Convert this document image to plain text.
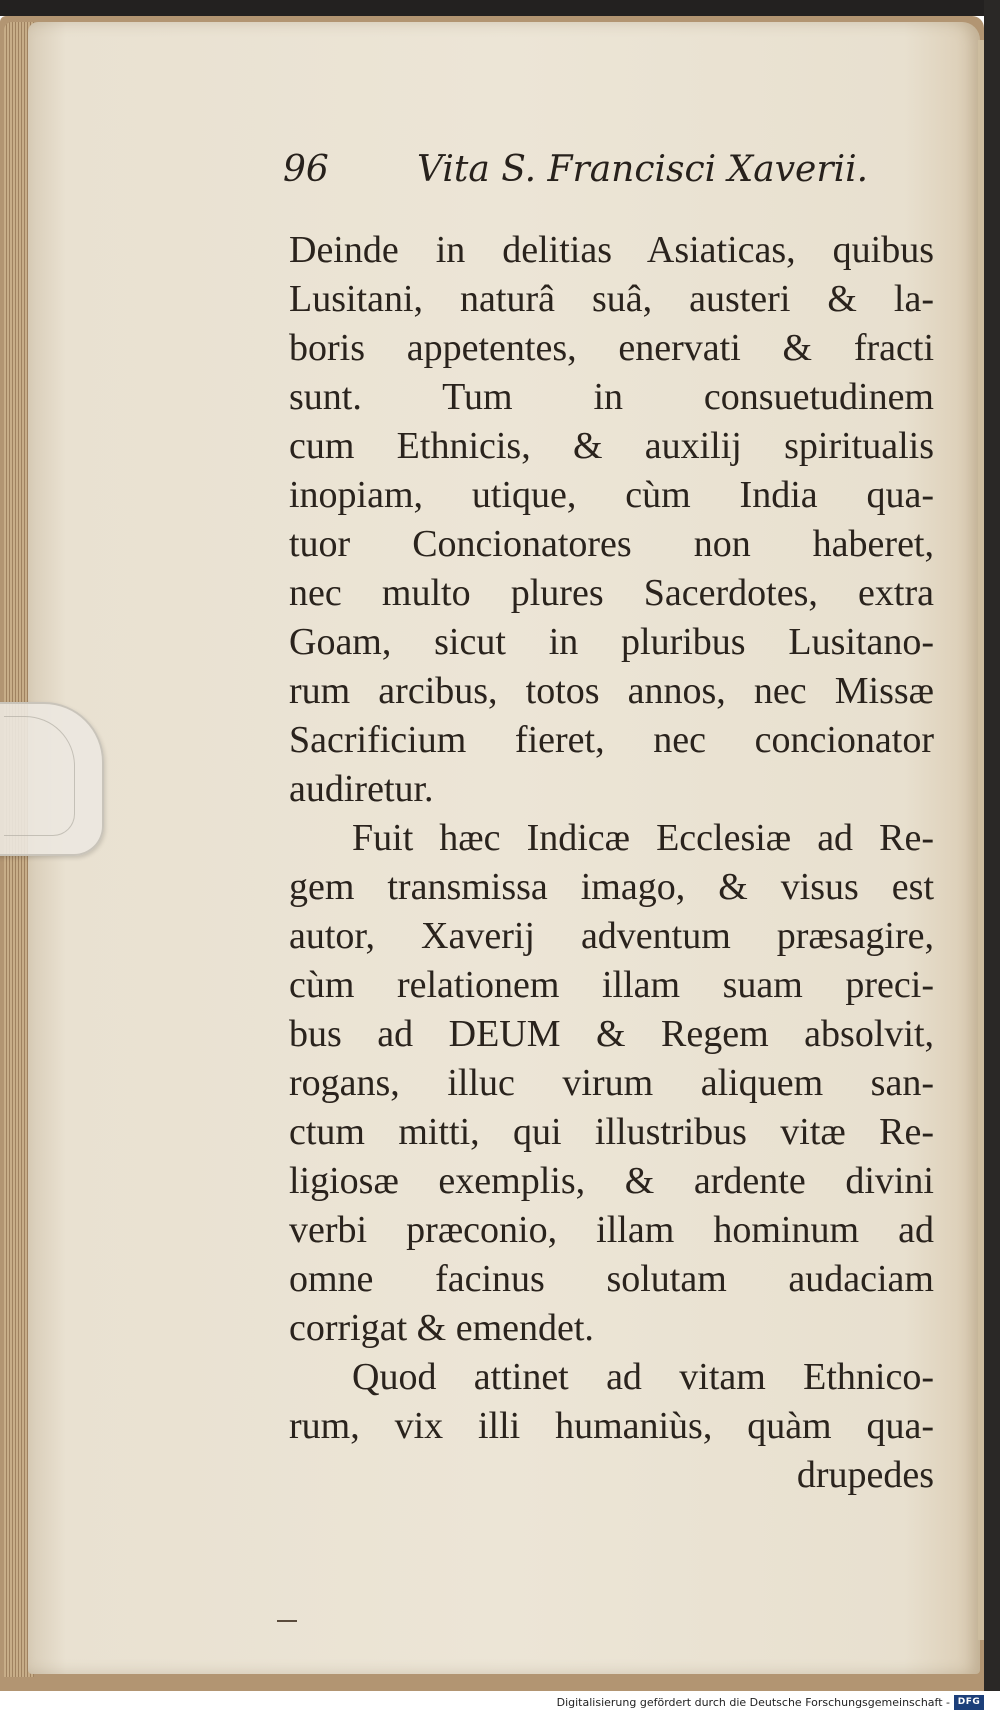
96 Vita S. Francisci Xaverii.
Deinde in delitias Asiaticas, quibus
Lusitani, naturâ suâ, austeri & la-
boris appetentes, enervati & fracti
sunt. Tum in consuetudinem
cum Ethnicis, & auxilij spiritualis
inopiam, utique, cùm India qua-
tuor Concionatores non haberet,
nec multo plures Sacerdotes, extra
Goam, sicut in pluribus Lusitano-
rum arcibus, totos annos, nec Missæ
Sacrificium fieret, nec concionator
audiretur.
Fuit hæc Indicæ Ecclesiæ ad Re-
gem transmissa imago, & visus est
autor, Xaverij adventum præsagire,
cùm relationem illam suam preci-
bus ad DEUM & Regem absolvit,
rogans, illuc virum aliquem san-
ctum mitti, qui illustribus vitæ Re-
ligiosæ exemplis, & ardente divini
verbi præconio, illam hominum ad
omne facinus solutam audaciam
corrigat & emendet.
Quod attinet ad vitam Ethnico-
rum, vix illi humaniùs, quàm qua-
drupedes
Digitalisierung gefördert durch die Deutsche Forschungsgemeinschaft - DFG
